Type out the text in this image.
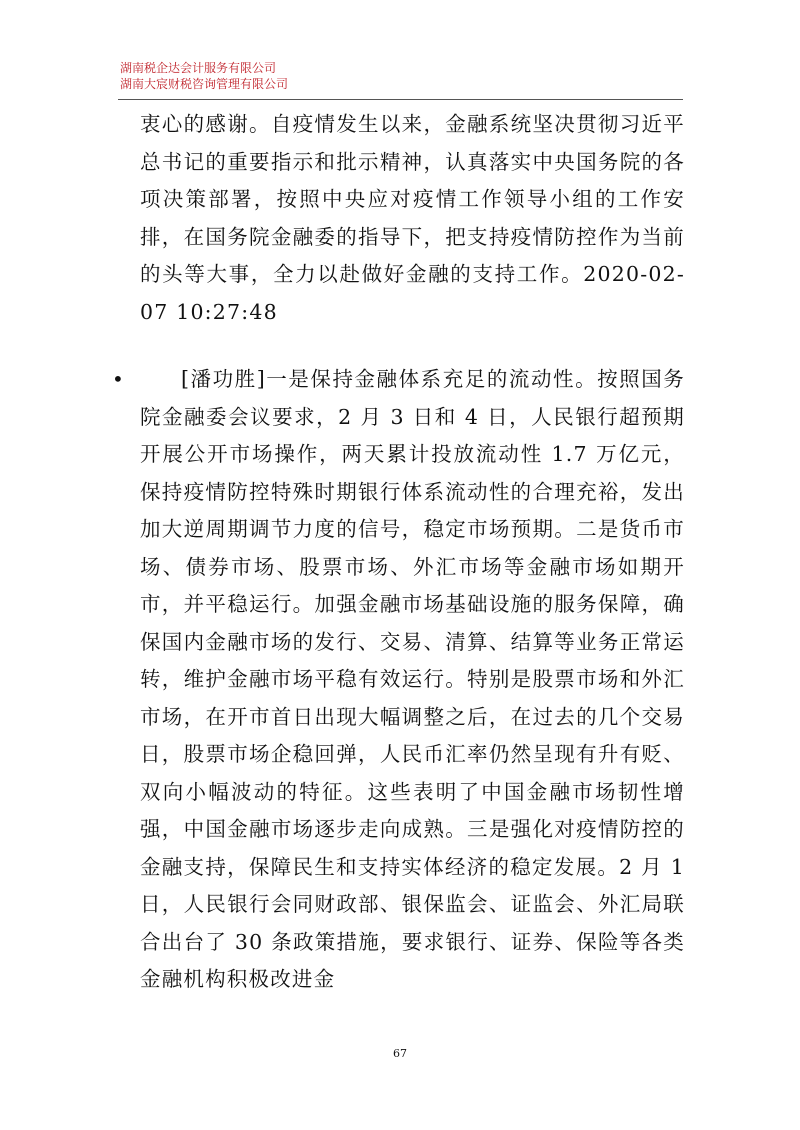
湖南税企达会计服务有限公司
湖南大宸财税咨询管理有限公司

衷心的感谢。自疫情发生以来，金融系统坚决贯彻习近平总书记的重要指示和批示精神，认真落实中央国务院的各项决策部署，按照中央应对疫情工作领导小组的工作安排，在国务院金融委的指导下，把支持疫情防控作为当前的头等大事，全力以赴做好金融的支持工作。2020-02-07 10:27:48

•	[潘功胜]一是保持金融体系充足的流动性。按照国务院金融委会议要求，2 月 3 日和 4 日，人民银行超预期开展公开市场操作，两天累计投放流动性 1.7 万亿元，保持疫情防控特殊时期银行体系流动性的合理充裕，发出加大逆周期调节力度的信号，稳定市场预期。二是货币市场、债券市场、股票市场、外汇市场等金融市场如期开市，并平稳运行。加强金融市场基础设施的服务保障，确保国内金融市场的发行、交易、清算、结算等业务正常运转，维护金融市场平稳有效运行。特别是股票市场和外汇市场，在开市首日出现大幅调整之后，在过去的几个交易日，股票市场企稳回弹，人民币汇率仍然呈现有升有贬、双向小幅波动的特征。这些表明了中国金融市场韧性增强，中国金融市场逐步走向成熟。三是强化对疫情防控的金融支持，保障民生和支持实体经济的稳定发展。2 月 1 日，人民银行会同财政部、银保监会、证监会、外汇局联合出台了 30 条政策措施，要求银行、证券、保险等各类金融机构积极改进金

67
